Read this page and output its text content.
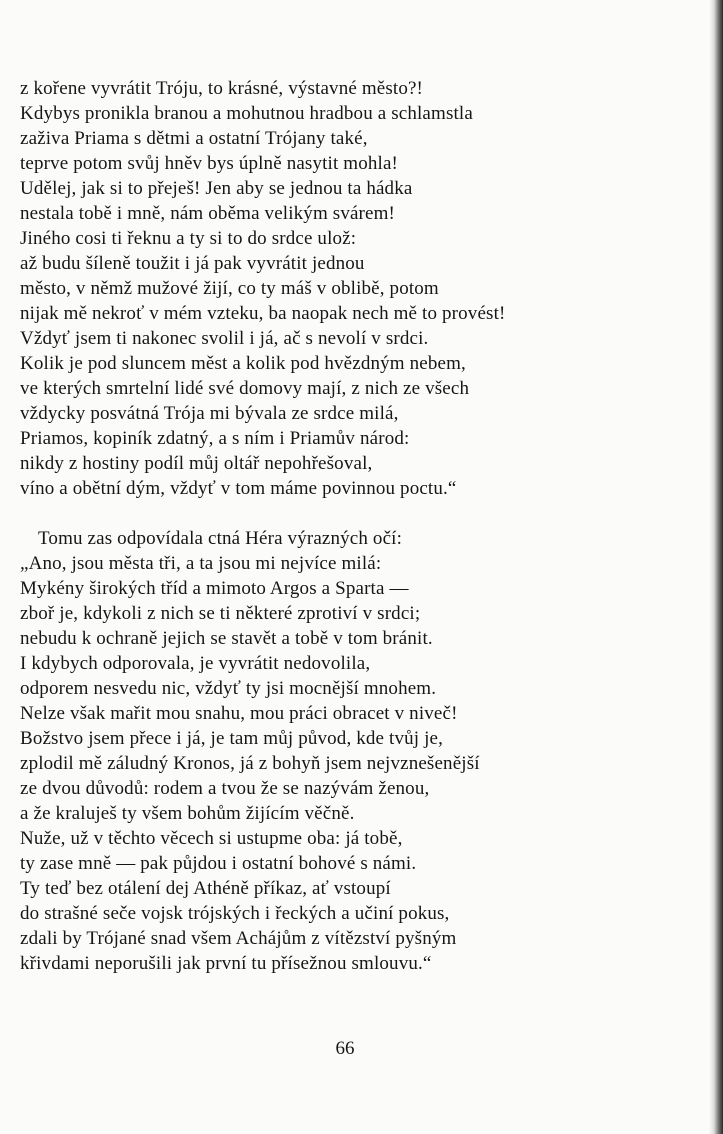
z kořene vyvrátit Tróju, to krásné, výstavné město?!
Kdybys pronikla branou a mohutnou hradbou a schlamstla
zaživa Priama s dětmi a ostatní Trójany také,
teprve potom svůj hněv bys úplně nasytit mohla!
Udělej, jak si to přeješ! Jen aby se jednou ta hádka
nestala tobě i mně, nám oběma velikým svárem!
Jiného cosi ti řeknu a ty si to do srdce ulož:
až budu šíleně toužit i já pak vyvrátit jednou
město, v němž mužové žijí, co ty máš v oblibě, potom
nijak mě nekroť v mém vzteku, ba naopak nech mě to provést!
Vždyť jsem ti nakonec svolil i já, ač s nevolí v srdci.
Kolik je pod sluncem měst a kolik pod hvězdným nebem,
ve kterých smrtelní lidé své domovy mají, z nich ze všech
vždycky posvátná Trója mi bývala ze srdce milá,
Priamos, kopiník zdatný, a s ním i Priamův národ:
nikdy z hostiny podíl můj oltář nepohřešoval,
víno a obětní dým, vždyť v tom máme povinnou poctu.“
Tomu zas odpovídala ctná Héra výrazných očí:
„Ano, jsou města tři, a ta jsou mi nejvíce milá:
Mykény širokých tříd a mimoto Argos a Sparta —
zboř je, kdykoli z nich se ti některé zprotiví v srdci;
nebudu k ochraně jejich se stavět a tobě v tom bránit.
I kdybych odporovala, je vyvrátit nedovolila,
odporem nesvedu nic, vždyť ty jsi mocnější mnohem.
Nelze však mařit mou snahu, mou práci obracet v niveč!
Božstvo jsem přece i já, je tam můj původ, kde tvůj je,
zplodil mě záludný Kronos, já z bohyň jsem nejvznešenější
ze dvou důvodů: rodem a tvou že se nazývám ženou,
a že kraluješ ty všem bohům žijícím věčně.
Nuže, už v těchto věcech si ustupme oba: já tobě,
ty zase mně — pak půjdou i ostatní bohové s námi.
Ty teď bez otálení dej Athéně příkaz, ať vstoupí
do strašné seče vojsk trójských i řeckých a učiní pokus,
zdali by Trójané snad všem Achájům z vítězství pyšným
křivdami neporušili jak první tu přísežnou smlouvu.“
66
